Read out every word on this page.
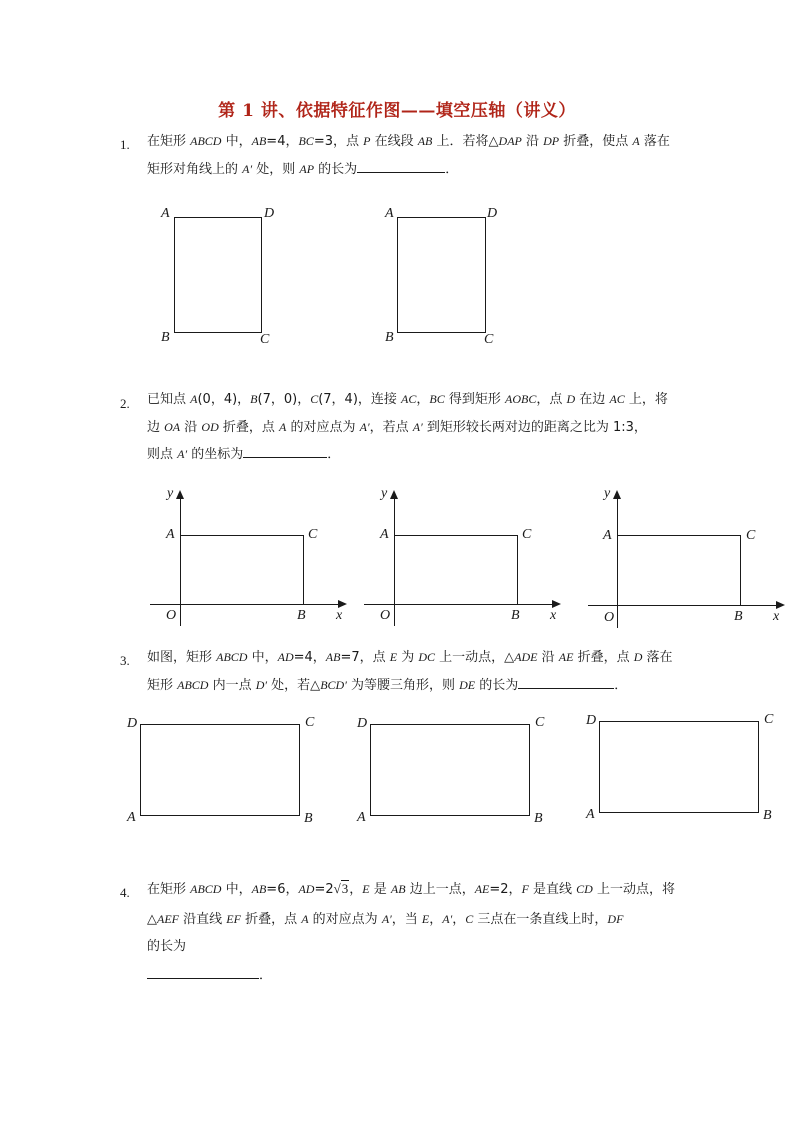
第 1 讲、依据特征作图——填空压轴（讲义）
1. 在矩形 ABCD 中，AB=4，BC=3，点 P 在线段 AB 上．若将△DAP 沿 DP 折叠，使点 A 落在
矩形对角线上的 A′ 处，则 AP 的长为	．
A	D
B	C
A	D
B	C
2. 已知点 A(0，4)，B(7，0)，C(7，4)，连接 AC，BC 得到矩形 AOBC，点 D 在边 AC 上，将
边 OA 沿 OD 折叠，点 A 的对应点为 A′，若点 A′ 到矩形较长两对边的距离之比为 1:3，
则点 A′ 的坐标为	．
y
x
A	C
O	B
y
x
A	C
O	B
y
x
A	C
O	B
3. 如图，矩形 ABCD 中，AD=4，AB=7，点 E 为 DC 上一动点，△ADE 沿 AE 折叠，点 D 落在
矩形 ABCD 内一点 D′ 处，若△BCD′ 为等腰三角形，则 DE 的长为	．
D	C
A	B
D	C
A	B
D	C
A	B
4. 在矩形 ABCD 中，AB=6，AD=2√3，E 是 AB 边上一点，AE=2，F 是直线 CD 上一动点，将
△AEF 沿直线 EF 折叠，点 A 的对应点为 A′，当 E，A′，C 三点在一条直线上时，DF
的长为
．
